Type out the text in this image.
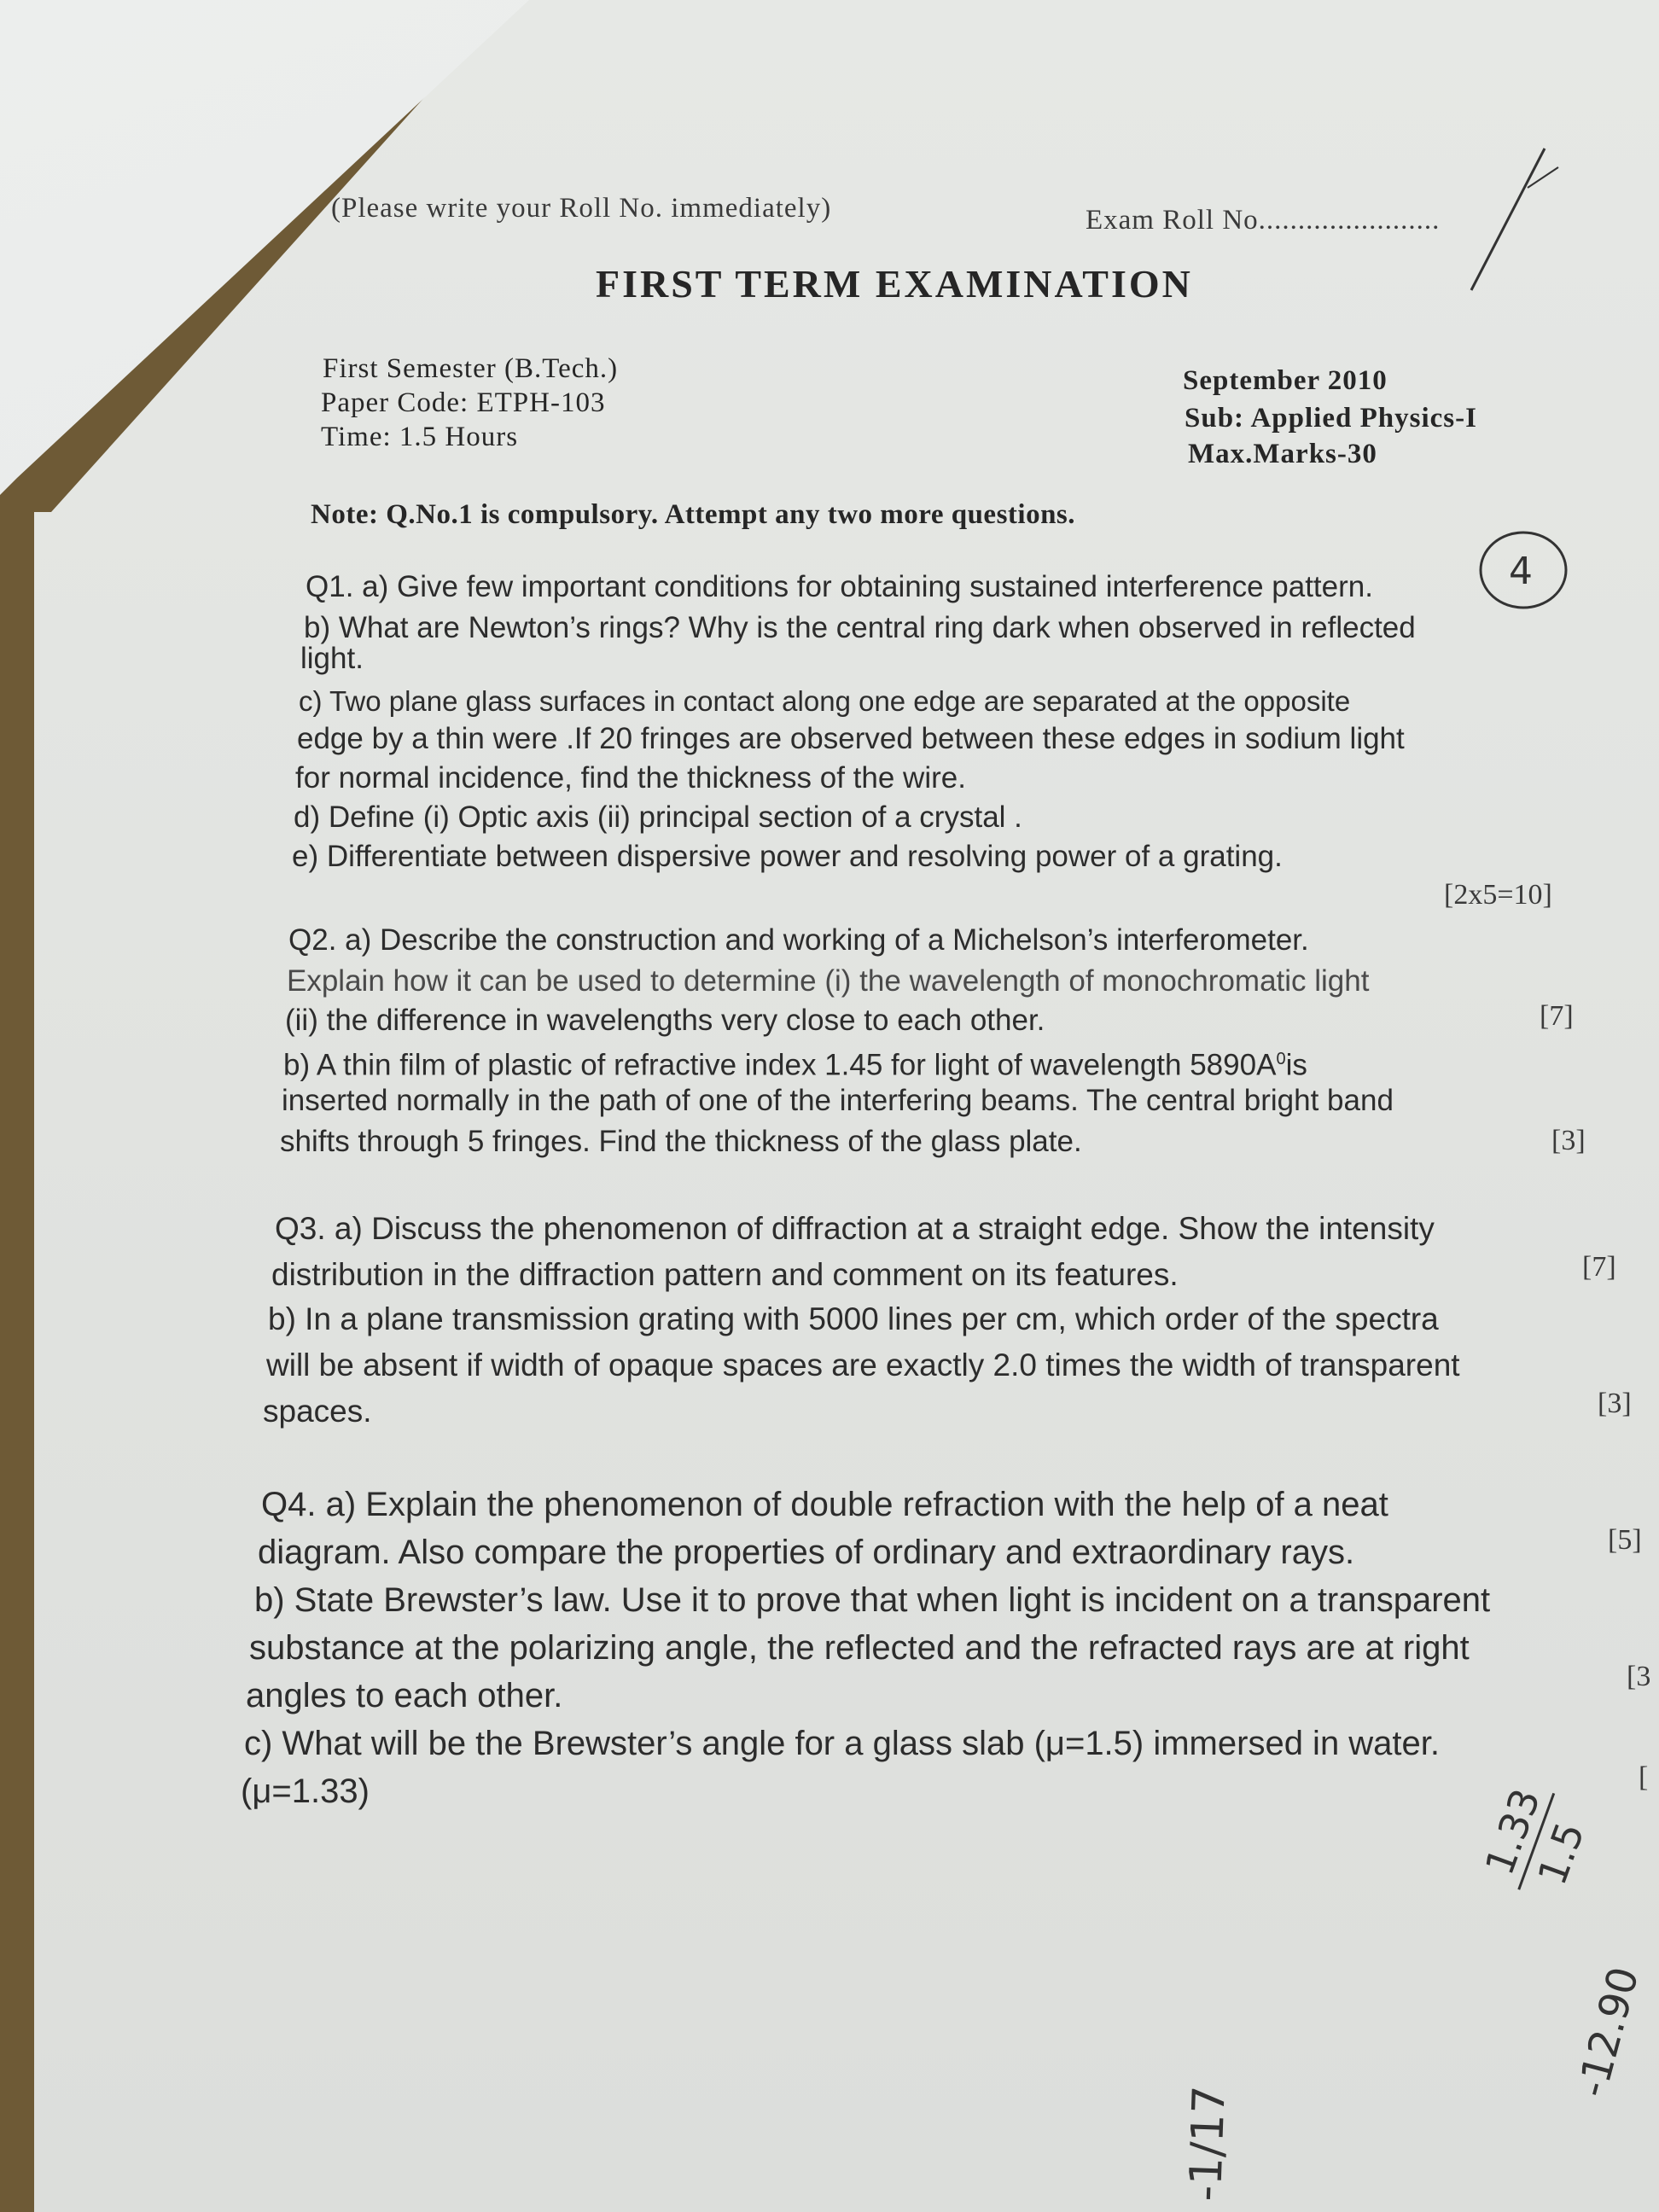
(Please write your Roll No. immediately)	Exam Roll No.......................
FIRST TERM EXAMINATION
First Semester (B.Tech.)
Paper Code: ETPH-103
Time: 1.5 Hours
September 2010
Sub: Applied Physics-I
Max.Marks-30
Note: Q.No.1 is compulsory. Attempt any two more questions.
Q1. a) Give few important conditions for obtaining sustained interference pattern.
b) What are Newton’s rings? Why is the central ring dark when observed in reflected
light.
c) Two plane glass surfaces in contact along one edge are separated at the opposite
edge by a thin were .If 20 fringes are observed between these edges in sodium light
for normal incidence, find the thickness of the wire.
d) Define (i) Optic axis (ii) principal section of a crystal .
e) Differentiate between dispersive power and resolving power of a grating.
[2x5=10]
Q2. a) Describe the construction and working of a Michelson’s interferometer.
Explain how it can be used to determine (i) the wavelength of monochromatic light
(ii) the difference in wavelengths very close to each other.	[7]
b) A thin film of plastic of refractive index 1.45 for light of wavelength $5890A^0is$
inserted normally in the path of one of the interfering beams. The central bright band
shifts through 5 fringes. Find the thickness of the glass plate.	[3]
Q3. a) Discuss the phenomenon of diffraction at a straight edge. Show the intensity
distribution in the diffraction pattern and comment on its features.	[7]
b) In a plane transmission grating with 5000 lines per cm, which order of the spectra
will be absent if width of opaque spaces are exactly 2.0 times the width of transparent
spaces.	[3]
Q4. a) Explain the phenomenon of double refraction with the help of a neat
diagram. Also compare the properties of ordinary and extraordinary rays.	[5]
b) State Brewster’s law. Use it to prove that when light is incident on a transparent
substance at the polarizing angle, the reflected and the refracted rays are at right
angles to each other.
[3
c) What will be the Brewster’s angle for a glass slab (μ=1.5) immersed in water.
(μ=1.33)	[
4
1.33
1.5
-12.90
-1/17
